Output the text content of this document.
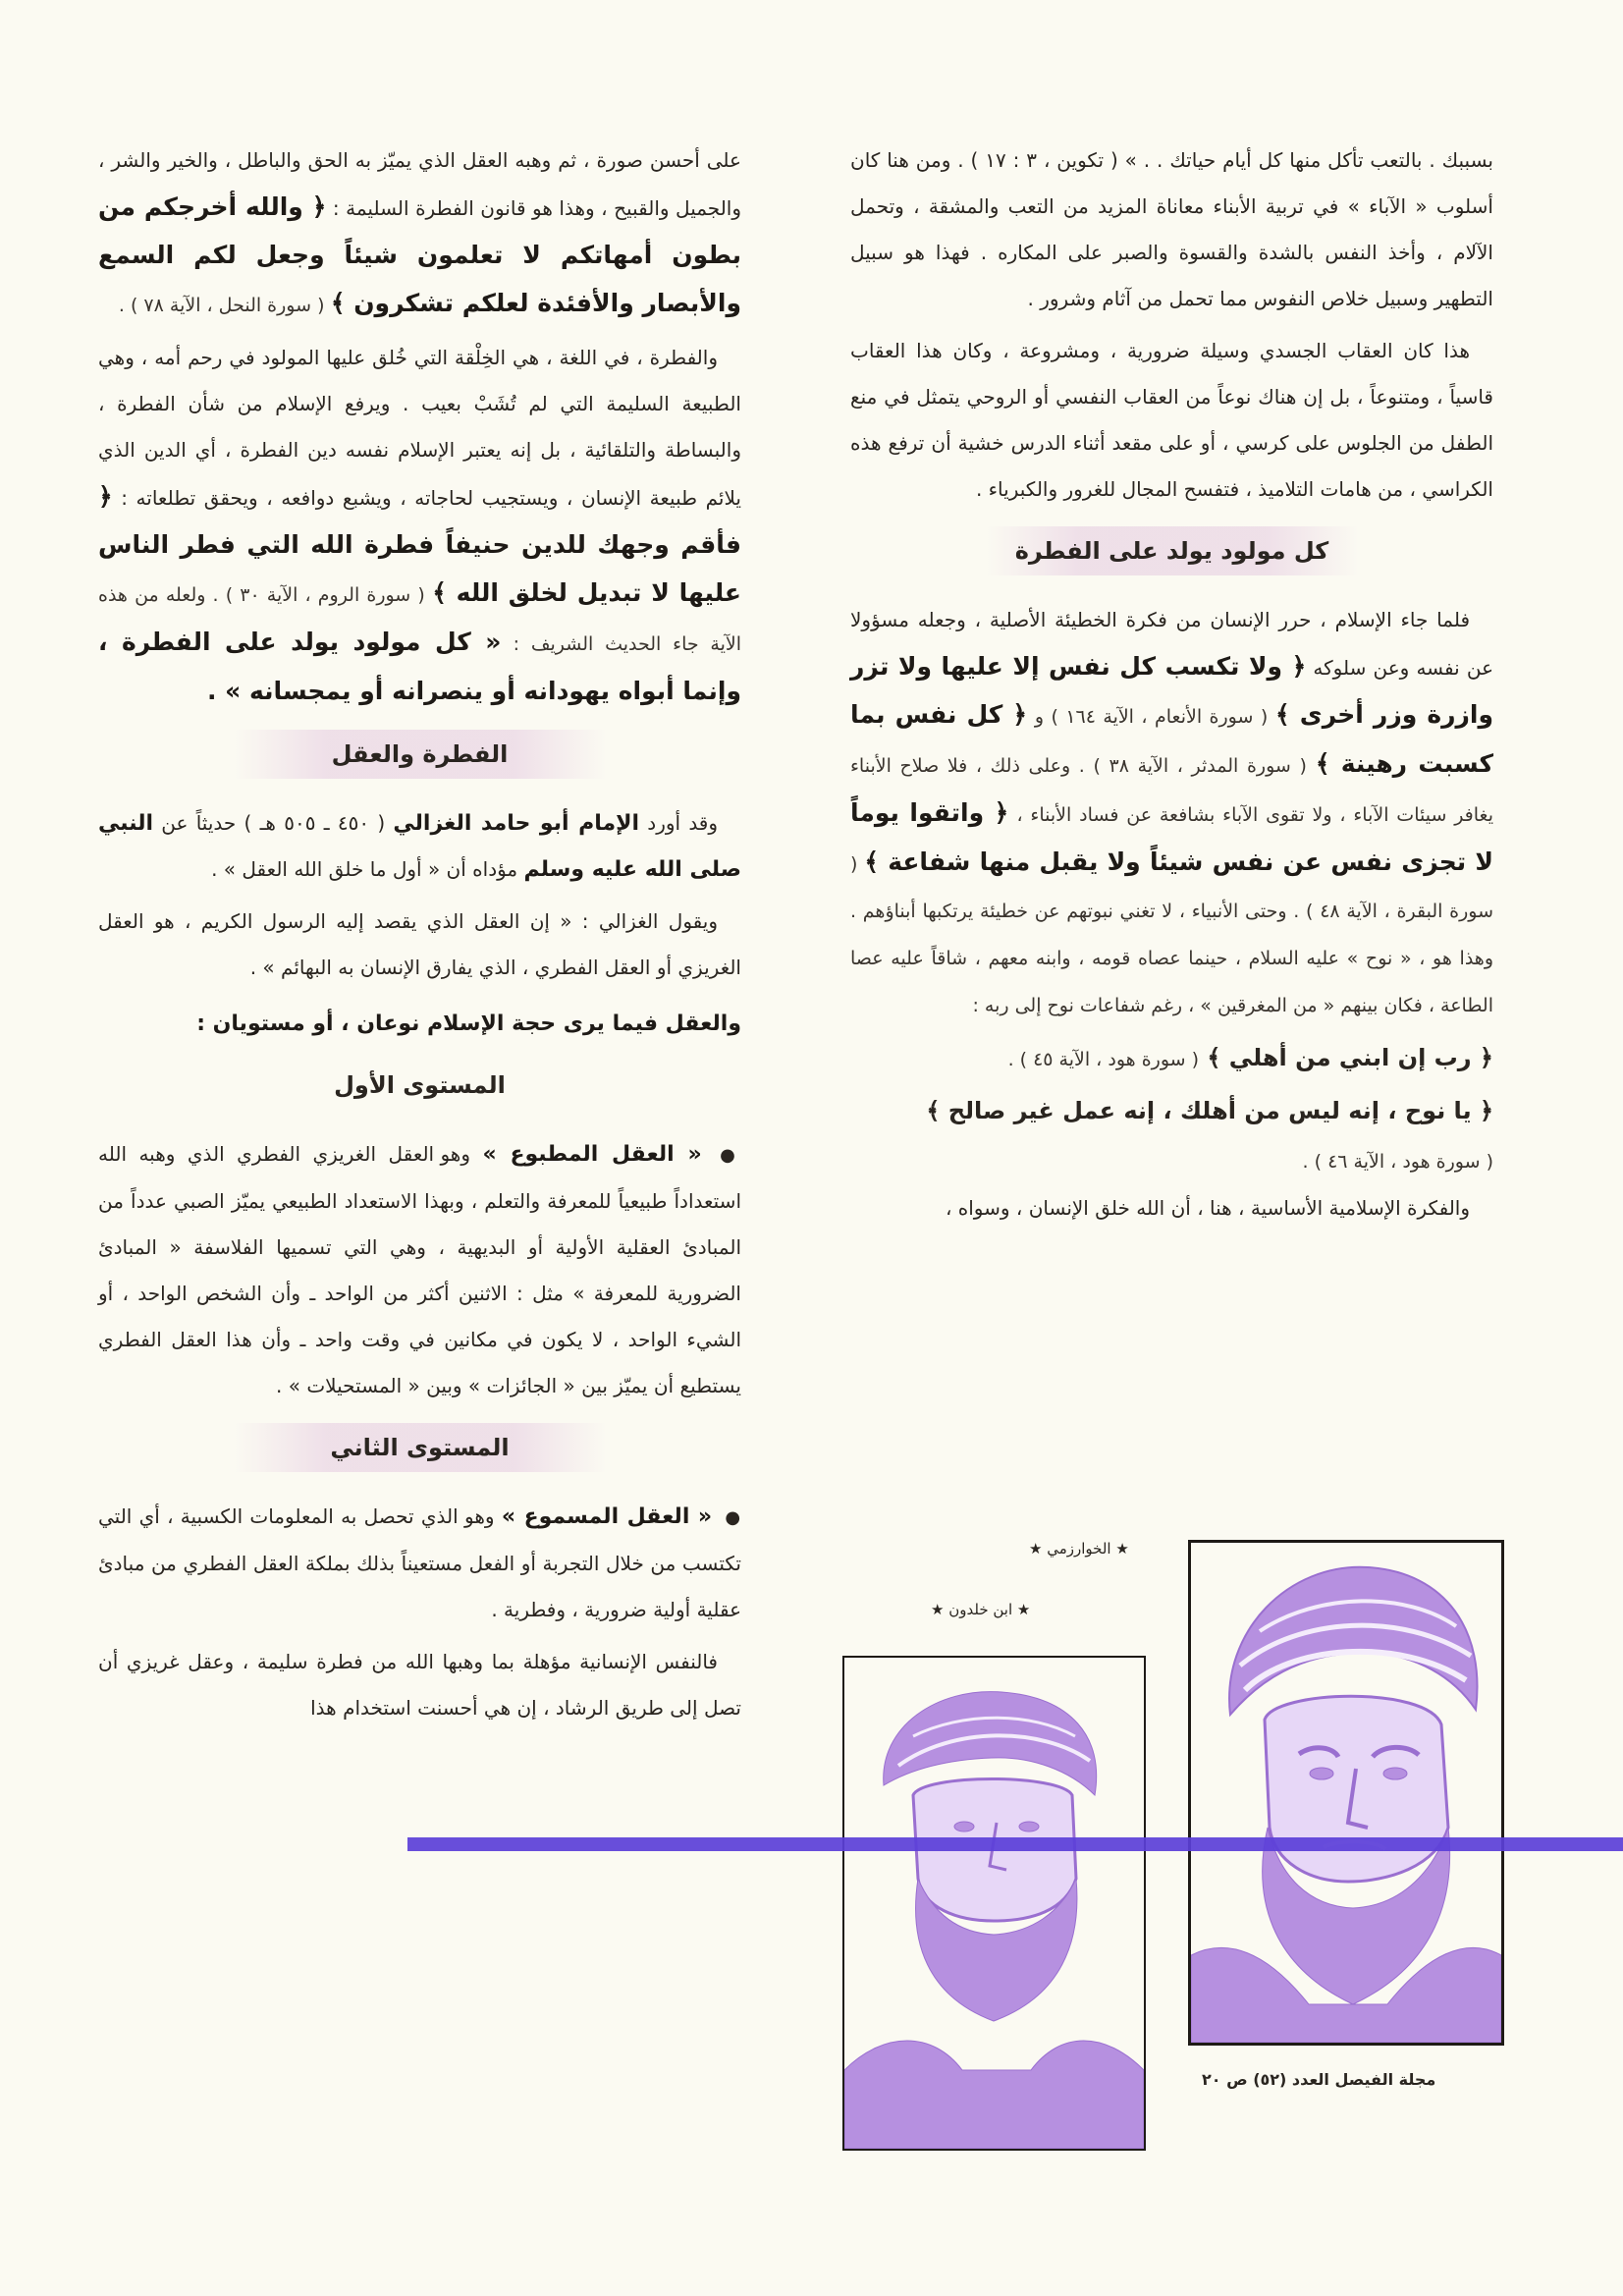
بسببك . بالتعب تأكل منها كل أيام حياتك . . » ( تكوين ، ٣ : ١٧ ) . ومن هنا كان أسلوب « الآباء » في تربية الأبناء معاناة المزيد من التعب والمشقة ، وتحمل الآلام ، وأخذ النفس بالشدة والقسوة والصبر على المكاره . فهذا هو سبيل التطهير وسبيل خلاص النفوس مما تحمل من آثام وشرور .

هذا كان العقاب الجسدي وسيلة ضرورية ، ومشروعة ، وكان هذا العقاب قاسياً ، ومتنوعاً ، بل إن هناك نوعاً من العقاب النفسي أو الروحي يتمثل في منع الطفل من الجلوس على كرسي ، أو على مقعد أثناء الدرس خشية أن ترفع هذه الكراسي ، من هامات التلاميذ ، فتفسح المجال للغرور والكبرياء .

كل مولود يولد على الفطرة

فلما جاء الإسلام ، حرر الإنسان من فكرة الخطيئة الأصلية ، وجعله مسؤولا عن نفسه وعن سلوكه ﴿ ولا تكسب كل نفس إلا عليها ولا تزر وازرة وزر أخرى ﴾ ( سورة الأنعام ، الآية ١٦٤ ) و ﴿ كل نفس بما كسبت رهينة ﴾ ( سورة المدثر ، الآية ٣٨ ) . وعلى ذلك ، فلا صلاح الأبناء يغافر سيئات الآباء ، ولا تقوى الآباء بشافعة عن فساد الأبناء ، ﴿ واتقوا يوماً لا تجزى نفس عن نفس شيئاً ولا يقبل منها شفاعة ﴾ ( سورة البقرة ، الآية ٤٨ ) . وحتى الأنبياء ، لا تغني نبوتهم عن خطيئة يرتكبها أبناؤهم . وهذا هو ، « نوح » عليه السلام ، حينما عصاه قومه ، وابنه معهم ، شاقاً عليه عصا الطاعة ، فكان بينهم « من المغرقين » ، رغم شفاعات نوح إلى ربه :

﴿ رب إن ابني من أهلي ﴾ ( سورة هود ، الآية ٤٥ ) .

﴿ يا نوح ، إنه ليس من أهلك ، إنه عمل غير صالح ﴾

( سورة هود ، الآية ٤٦ ) .

والفكرة الإسلامية الأساسية ، هنا ، أن الله خلق الإنسان ، وسواه ،

على أحسن صورة ، ثم وهبه العقل الذي يميّز به الحق والباطل ، والخير والشر ، والجميل والقبيح ، وهذا هو قانون الفطرة السليمة : ﴿ والله أخرجكم من بطون أمهاتكم لا تعلمون شيئاً وجعل لكم السمع والأبصار والأفئدة لعلكم تشكرون ﴾ ( سورة النحل ، الآية ٧٨ ) .

والفطرة ، في اللغة ، هي الخِلْقة التي خُلق عليها المولود في رحم أمه ، وهي الطبيعة السليمة التي لم تُشَبْ بعيب . ويرفع الإسلام من شأن الفطرة ، والبساطة والتلقائية ، بل إنه يعتبر الإسلام نفسه دين الفطرة ، أي الدين الذي يلائم طبيعة الإنسان ، ويستجيب لحاجاته ، ويشبع دوافعه ، ويحقق تطلعاته : ﴿ فأقم وجهك للدين حنيفاً فطرة الله التي فطر الناس عليها لا تبديل لخلق الله ﴾ ( سورة الروم ، الآية ٣٠ ) . ولعله من هذه الآية جاء الحديث الشريف : « كل مولود يولد على الفطرة ، وإنما أبواه يهودانه أو ينصرانه أو يمجسانه » .

الفطرة والعقل

وقد أورد الإمام أبو حامد الغزالي ( ٤٥٠ ـ ٥٠٥ هـ ) حديثاً عن النبي صلى الله عليه وسلم مؤداه أن « أول ما خلق الله العقل » .

ويقول الغزالي : « إن العقل الذي يقصد إليه الرسول الكريم ، هو العقل الغريزي أو العقل الفطري ، الذي يفارق الإنسان به البهائم » .

والعقل فيما يرى حجة الإسلام نوعان ، أو مستويان :

المستوى الأول

● « العقل المطبوع » وهو العقل الغريزي الفطري الذي وهبه الله استعداداً طبيعياً للمعرفة والتعلم ، وبهذا الاستعداد الطبيعي يميّز الصبي عدداً من المبادئ العقلية الأولية أو البديهية ، وهي التي تسميها الفلاسفة « المبادئ الضرورية للمعرفة » مثل : الاثنين أكثر من الواحد ـ وأن الشخص الواحد ، أو الشيء الواحد ، لا يكون في مكانين في وقت واحد ـ وأن هذا العقل الفطري يستطيع أن يميّز بين « الجائزات » وبين « المستحيلات » .

المستوى الثاني

● « العقل المسموع » وهو الذي تحصل به المعلومات الكسبية ، أي التي تكتسب من خلال التجربة أو الفعل مستعيناً بذلك بملكة العقل الفطري من مبادئ عقلية أولية ضرورية ، وفطرية .

فالنفس الإنسانية مؤهلة بما وهبها الله من فطرة سليمة ، وعقل غريزي أن تصل إلى طريق الرشاد ، إن هي أحسنت استخدام هذا

★ الخوارزمي ★
★ ابن خلدون ★
مجلة الفيصل العدد (٥٢) ص ٢٠
